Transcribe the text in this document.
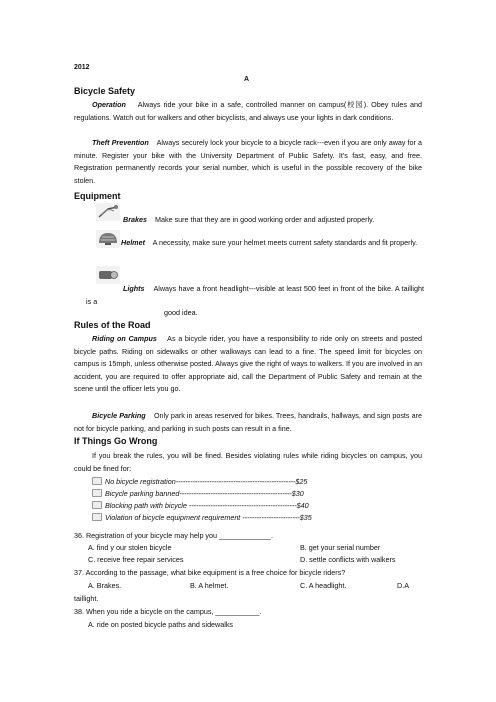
2012
A
Bicycle Safety
Operation Always ride your bike in a safe, controlled manner on campus(校园). Obey rules and regulations. Watch out for walkers and other bicyclists, and always use your lights in dark conditions.
Theft Prevention Always securely lock your bicycle to a bicycle rack---even if you are only away for a minute. Register your bike with the University Department of Public Safety. It's fast, easy, and free. Registration permanently records your serial number, which is useful in the possible recovery of the bike stolen.
Equipment
Brakes Make sure that they are in good working order and adjusted properly.
Helmet A necessity, make sure your helmet meets current safety standards and fit properly.
Lights Always have a front headlight---visible at least 500 feet in front of the bike. A taillight is a
good idea.
Rules of the Road
Riding on Campus As a bicycle rider, you have a responsibility to ride only on streets and posted bicycle paths. Riding on sidewalks or other walkways can lead to a fine. The speed limit for bicycles on campus is 15mph, unless otherwise posted. Always give the right of ways to walkers. If you are involved in an accident, you are required to offer appropriate aid, call the Department of Public Safety and remain at the scene until the officer lets you go.
Bicycle Parking Only park in areas reserved for bikes. Trees, handrails, hallways, and sign posts are not for bicycle parking, and parking in such posts can result in a fine.
If Things Go Wrong
If you break the rules, you will be fined. Besides violating rules while riding bicycles on campus, you could be fined for:
No bicycle registration--------------------------------------------------$25
Bicycle parking banned-----------------------------------------------$30
Blocking path with bicycle ---------------------------------------------$40
Violation of bicycle equipment requirement ------------------------$35
36. Registration of your bicycle may help you _____________.
A. find y our stolen bicycle	B. get your serial number
C. receive free repair services	D. settle conflicts with walkers
37. According to the passage, what bike equipment is a free choice for bicycle riders?
A. Brakes.	B. A helmet.	C. A headlight.	D.A
taillight.
38. When you ride a bicycle on the campus, ___________.
A. ride on posted bicycle paths and sidewalks
